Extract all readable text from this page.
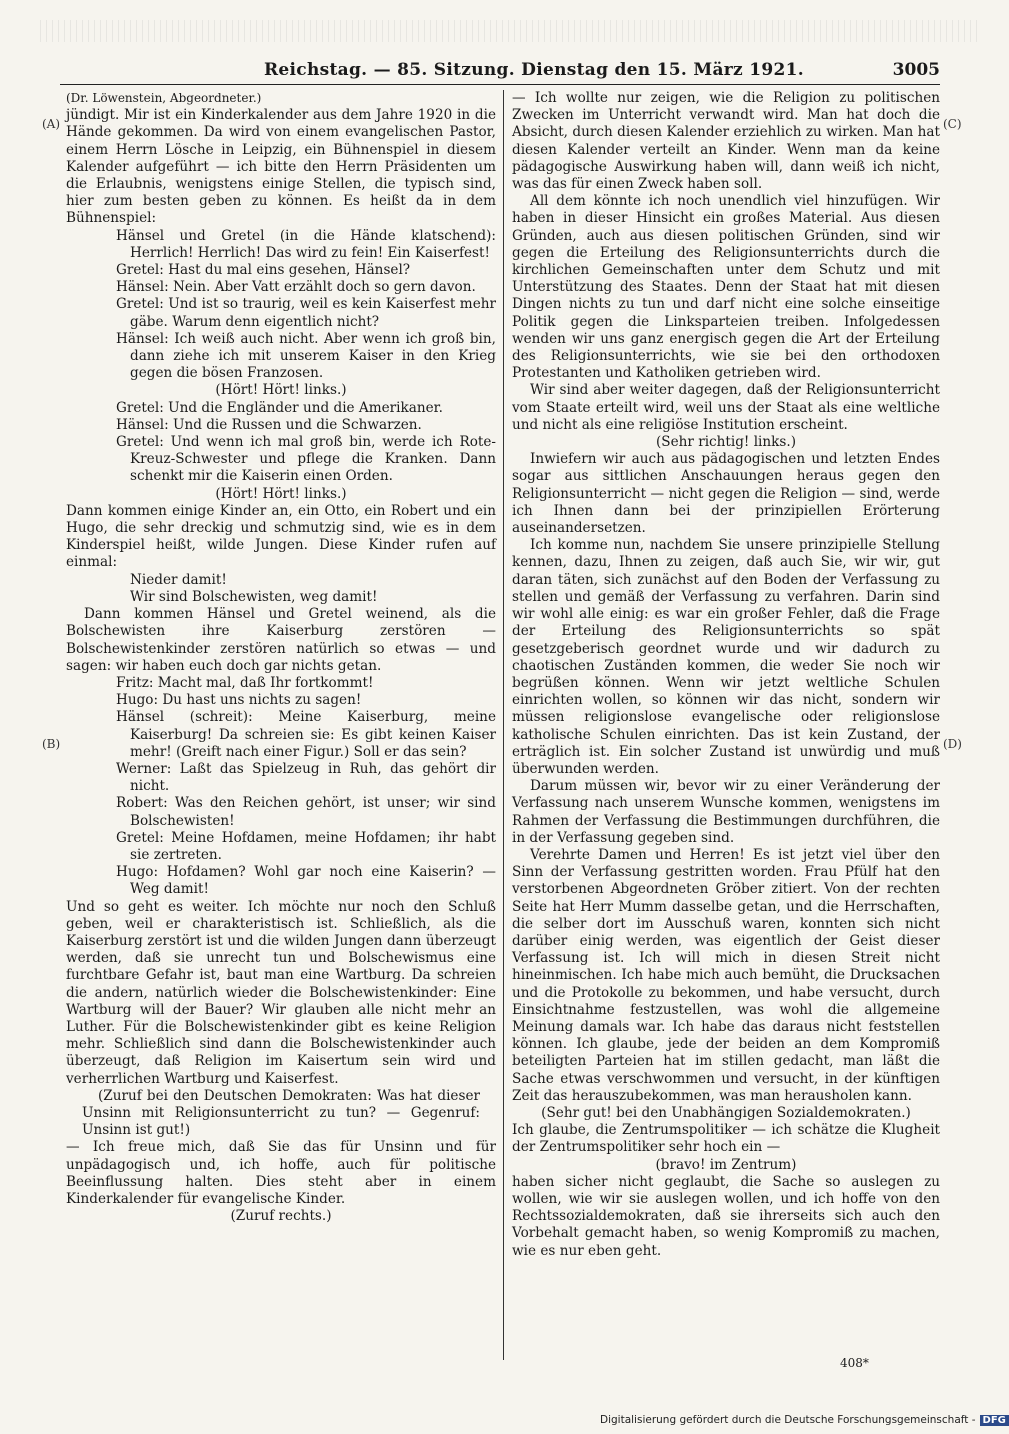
Reichstag. — 85. Sitzung. Dienstag den 15. März 1921.	3005
(A)
(B)
(C)
(D)

(Dr. Löwenstein, Abgeordneter.)

jündigt. Mir ist ein Kinderkalender aus dem Jahre 1920 in die Hände gekommen. Da wird von einem evangelischen Pastor, einem Herrn Lösche in Leipzig, ein Bühnenspiel in diesem Kalender aufgeführt — ich bitte den Herrn Präsidenten um die Erlaubnis, wenigstens einige Stellen, die typisch sind, hier zum besten geben zu können. Es heißt da in dem Bühnenspiel:

Hänsel und Gretel (in die Hände klatschend): Herrlich! Herrlich! Das wird zu fein! Ein Kaiserfest!

Gretel: Hast du mal eins gesehen, Hänsel?

Hänsel: Nein. Aber Vatt erzählt doch so gern davon.

Gretel: Und ist so traurig, weil es kein Kaiserfest mehr gäbe. Warum denn eigentlich nicht?

Hänsel: Ich weiß auch nicht. Aber wenn ich groß bin, dann ziehe ich mit unserem Kaiser in den Krieg gegen die bösen Franzosen.

(Hört! Hört! links.)

Gretel: Und die Engländer und die Amerikaner.

Hänsel: Und die Russen und die Schwarzen.

Gretel: Und wenn ich mal groß bin, werde ich Rote-Kreuz-Schwester und pflege die Kranken. Dann schenkt mir die Kaiserin einen Orden.

(Hört! Hört! links.)

Dann kommen einige Kinder an, ein Otto, ein Robert und ein Hugo, die sehr dreckig und schmutzig sind, wie es in dem Kinderspiel heißt, wilde Jungen. Diese Kinder rufen auf einmal:

Nieder damit!

Wir sind Bolschewisten, weg damit!

Dann kommen Hänsel und Gretel weinend, als die Bolschewisten ihre Kaiserburg zerstören — Bolschewistenkinder zerstören natürlich so etwas — und sagen: wir haben euch doch gar nichts getan.

Fritz: Macht mal, daß Ihr fortkommt!

Hugo: Du hast uns nichts zu sagen!

Hänsel (schreit): Meine Kaiserburg, meine Kaiserburg! Da schreien sie: Es gibt keinen Kaiser mehr! (Greift nach einer Figur.) Soll er das sein?

Werner: Laßt das Spielzeug in Ruh, das gehört dir nicht.

Robert: Was den Reichen gehört, ist unser; wir sind Bolschewisten!

Gretel: Meine Hofdamen, meine Hofdamen; ihr habt sie zertreten.

Hugo: Hofdamen? Wohl gar noch eine Kaiserin? — Weg damit!

Und so geht es weiter. Ich möchte nur noch den Schluß geben, weil er charakteristisch ist. Schließlich, als die Kaiserburg zerstört ist und die wilden Jungen dann überzeugt werden, daß sie unrecht tun und Bolschewismus eine furchtbare Gefahr ist, baut man eine Wartburg. Da schreien die andern, natürlich wieder die Bolschewistenkinder: Eine Wartburg will der Bauer? Wir glauben alle nicht mehr an Luther. Für die Bolschewistenkinder gibt es keine Religion mehr. Schließlich sind dann die Bolschewistenkinder auch überzeugt, daß Religion im Kaisertum sein wird und verherrlichen Wartburg und Kaiserfest.

(Zuruf bei den Deutschen Demokraten: Was hat dieser Unsinn mit Religionsunterricht zu tun? — Gegenruf: Unsinn ist gut!)

— Ich freue mich, daß Sie das für Unsinn und für unpädagogisch und, ich hoffe, auch für politische Beeinflussung halten. Dies steht aber in einem Kinderkalender für evangelische Kinder.

(Zuruf rechts.)

— Ich wollte nur zeigen, wie die Religion zu politischen Zwecken im Unterricht verwandt wird. Man hat doch die Absicht, durch diesen Kalender erziehlich zu wirken. Man hat diesen Kalender verteilt an Kinder. Wenn man da keine pädagogische Auswirkung haben will, dann weiß ich nicht, was das für einen Zweck haben soll.

All dem könnte ich noch unendlich viel hinzufügen. Wir haben in dieser Hinsicht ein großes Material. Aus diesen Gründen, auch aus diesen politischen Gründen, sind wir gegen die Erteilung des Religionsunterrichts durch die kirchlichen Gemeinschaften unter dem Schutz und mit Unterstützung des Staates. Denn der Staat hat mit diesen Dingen nichts zu tun und darf nicht eine solche einseitige Politik gegen die Linksparteien treiben. Infolgedessen wenden wir uns ganz energisch gegen die Art der Erteilung des Religionsunterrichts, wie sie bei den orthodoxen Protestanten und Katholiken getrieben wird.

Wir sind aber weiter dagegen, daß der Religionsunterricht vom Staate erteilt wird, weil uns der Staat als eine weltliche und nicht als eine religiöse Institution erscheint.

(Sehr richtig! links.)

Inwiefern wir auch aus pädagogischen und letzten Endes sogar aus sittlichen Anschauungen heraus gegen den Religionsunterricht — nicht gegen die Religion — sind, werde ich Ihnen dann bei der prinzipiellen Erörterung auseinandersetzen.

Ich komme nun, nachdem Sie unsere prinzipielle Stellung kennen, dazu, Ihnen zu zeigen, daß auch Sie, wir wir, gut daran täten, sich zunächst auf den Boden der Verfassung zu stellen und gemäß der Verfassung zu verfahren. Darin sind wir wohl alle einig: es war ein großer Fehler, daß die Frage der Erteilung des Religionsunterrichts so spät gesetzgeberisch geordnet wurde und wir dadurch zu chaotischen Zuständen kommen, die weder Sie noch wir begrüßen können. Wenn wir jetzt weltliche Schulen einrichten wollen, so können wir das nicht, sondern wir müssen religionslose evangelische oder religionslose katholische Schulen einrichten. Das ist kein Zustand, der erträglich ist. Ein solcher Zustand ist unwürdig und muß überwunden werden.

Darum müssen wir, bevor wir zu einer Veränderung der Verfassung nach unserem Wunsche kommen, wenigstens im Rahmen der Verfassung die Bestimmungen durchführen, die in der Verfassung gegeben sind.

Verehrte Damen und Herren! Es ist jetzt viel über den Sinn der Verfassung gestritten worden. Frau Pfülf hat den verstorbenen Abgeordneten Gröber zitiert. Von der rechten Seite hat Herr Mumm dasselbe getan, und die Herrschaften, die selber dort im Ausschuß waren, konnten sich nicht darüber einig werden, was eigentlich der Geist dieser Verfassung ist. Ich will mich in diesen Streit nicht hineinmischen. Ich habe mich auch bemüht, die Drucksachen und die Protokolle zu bekommen, und habe versucht, durch Einsichtnahme festzustellen, was wohl die allgemeine Meinung damals war. Ich habe das daraus nicht feststellen können. Ich glaube, jede der beiden an dem Kompromiß beteiligten Parteien hat im stillen gedacht, man läßt die Sache etwas verschwommen und versucht, in der künftigen Zeit das herauszubekommen, was man herausholen kann.

(Sehr gut! bei den Unabhängigen Sozialdemokraten.)

Ich glaube, die Zentrumspolitiker — ich schätze die Klugheit der Zentrumspolitiker sehr hoch ein —

(bravo! im Zentrum)

haben sicher nicht geglaubt, die Sache so auslegen zu wollen, wie wir sie auslegen wollen, und ich hoffe von den Rechtssozialdemokraten, daß sie ihrerseits sich auch den Vorbehalt gemacht haben, so wenig Kompromiß zu machen, wie es nur eben geht.

408*
Digitalisierung gefördert durch die Deutsche Forschungsgemeinschaft - DFG
